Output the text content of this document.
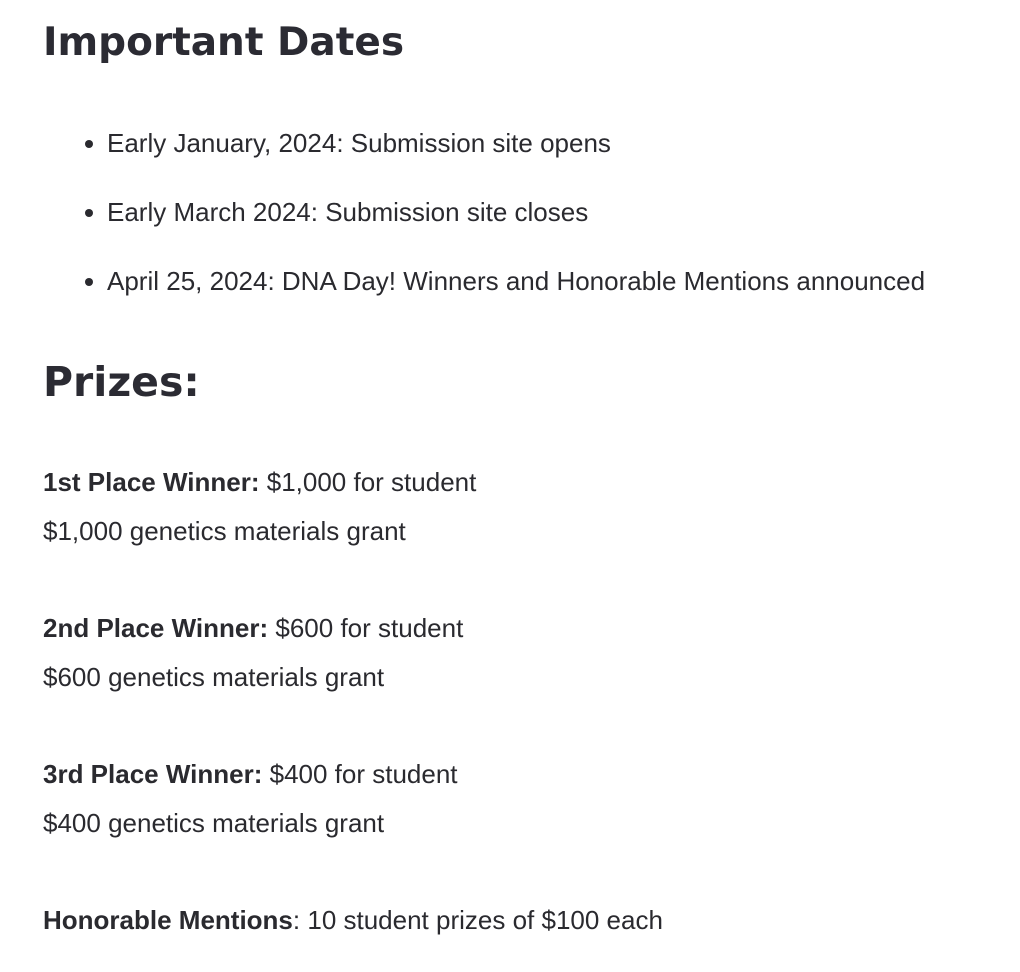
Important Dates
Early January, 2024: Submission site opens
Early March 2024: Submission site closes
April 25, 2024: DNA Day! Winners and Honorable Mentions announced
Prizes:
1st Place Winner: $1,000 for student
$1,000 genetics materials grant
2nd Place Winner: $600 for student
$600 genetics materials grant
3rd Place Winner: $400 for student
$400 genetics materials grant
Honorable Mentions: 10 student prizes of $100 each
